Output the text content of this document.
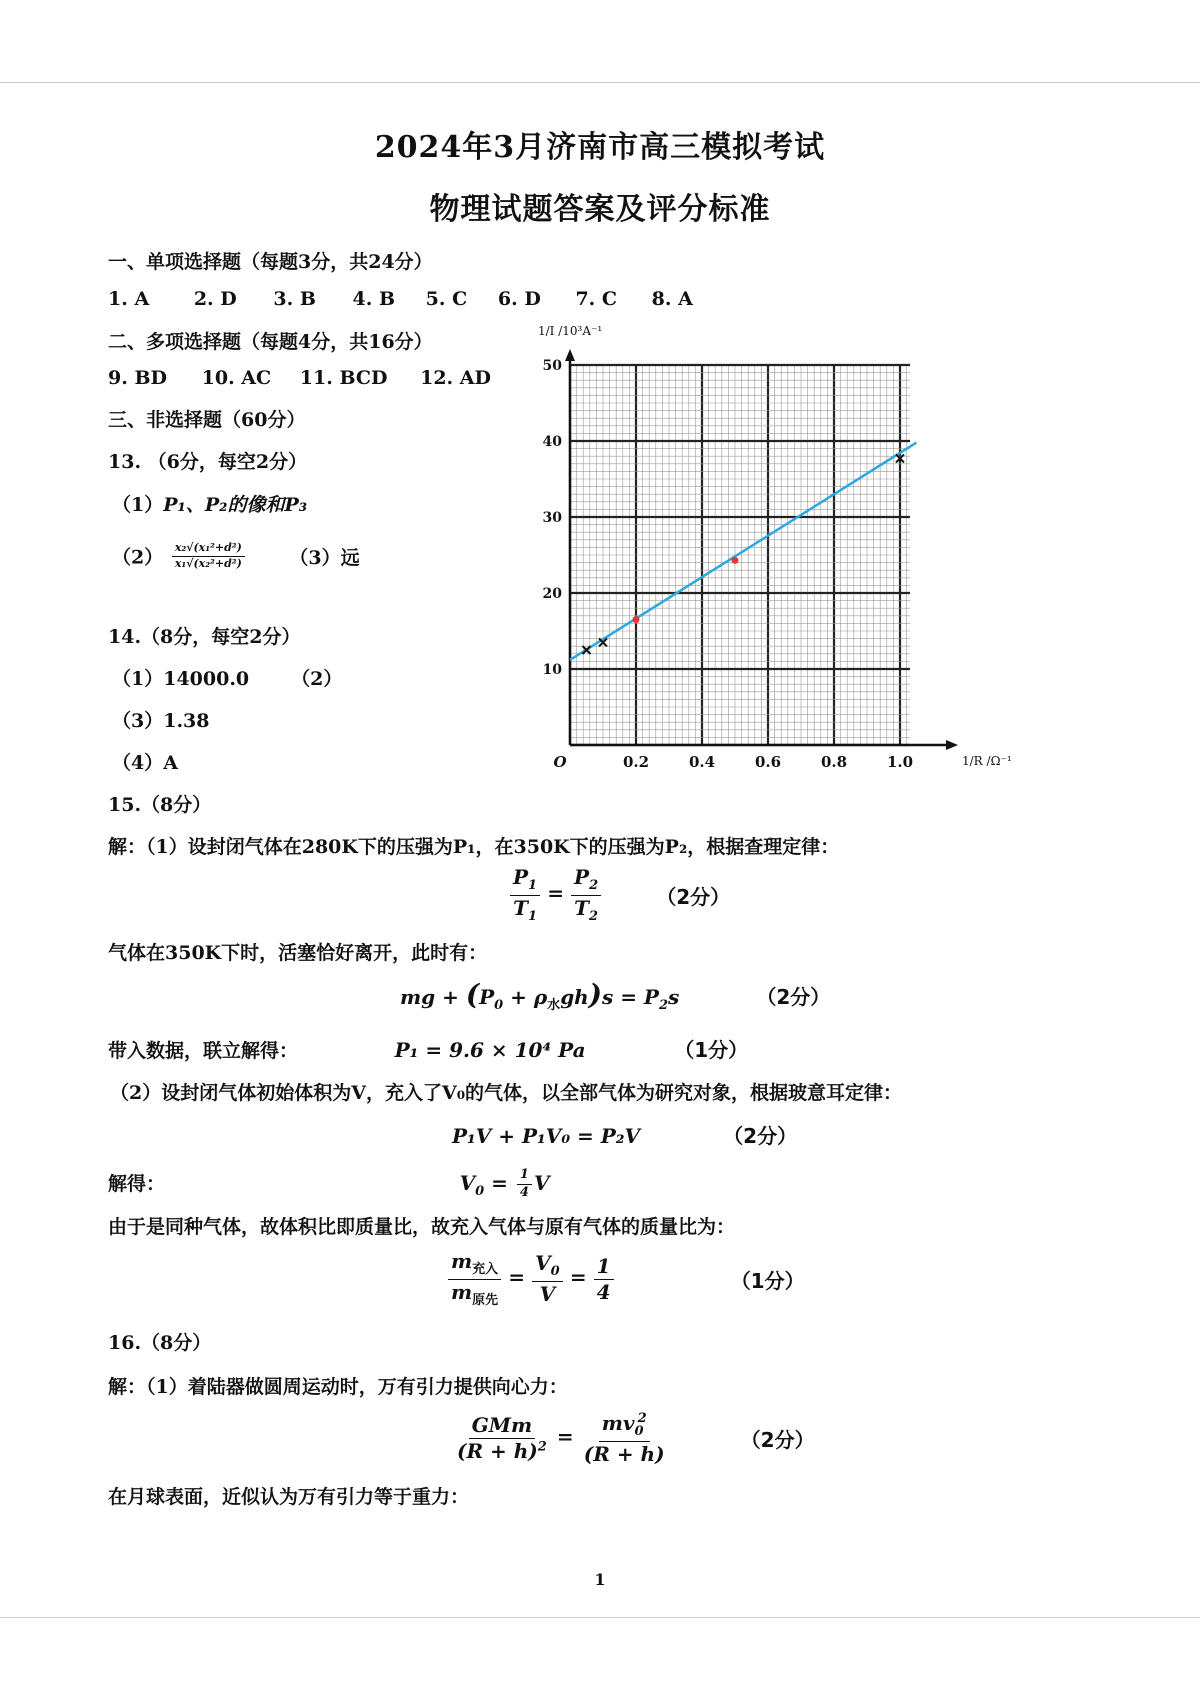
2024年3月济南市高三模拟考试
物理试题答案及评分标准
一、单项选择题（每题3分，共24分）
1. A 2. D 3. B 4. B 5. C 6. D 7. C 8. A
二、多项选择题（每题4分，共16分）
9. BD 10. AC 11. BCD 12. AD
三、非选择题（60分）
13. （6分，每空2分）
（1）P₁、P₂的像和P₃
$(2) \frac{\text{x₂√(x₁²+d²)}}{\text{x₁√(x₂²+d²)}} (3)$远
14.（8分，每空2分）
（1）14000.0 （2）
（3）1.38
（4）A	0.2	0.4	0.6	0.8	1.0
10
20
30
40
50
O
1/I /10³A⁻¹
1/R /Ω⁻¹
15.（8分）
解：（1）设封闭气体在280K下的压强为P₁，在350K下的压强为P₂，根据查理定律：
$\frac{P_1}{T_1} = \frac{P_2}{T_2}$	（2分）
气体在350K下时，活塞恰好离开，此时有：
mg + $(P_0 + \rho_水gh)s = P_2s$	（2分）
带入数据，联立解得：	P₁ = 9.6 × 10⁴ Pa	（1分）
（2）设封闭气体初始体积为V，充入了V₀的气体，以全部气体为研究对象，根据玻意耳定律：
P₁V + P₁V₀ = P₂V	（2分）
解得：	$V_0 = \frac{1}{4}$ V
由于是同种气体，故体积比即质量比，故充入气体与原有气体的质量比为：
$\frac{m_{充入}}{m_{原先}} = \frac{V_0}{V} = \frac{1}{4}$	（1分）
16.（8分）
解：（1）着陆器做圆周运动时，万有引力提供向心力：
$\frac{\text{GMm}}{(R + h)^2} = \frac{mv_0^2}{(R + h)}$	（2分）
在月球表面，近似认为万有引力等于重力：
1
